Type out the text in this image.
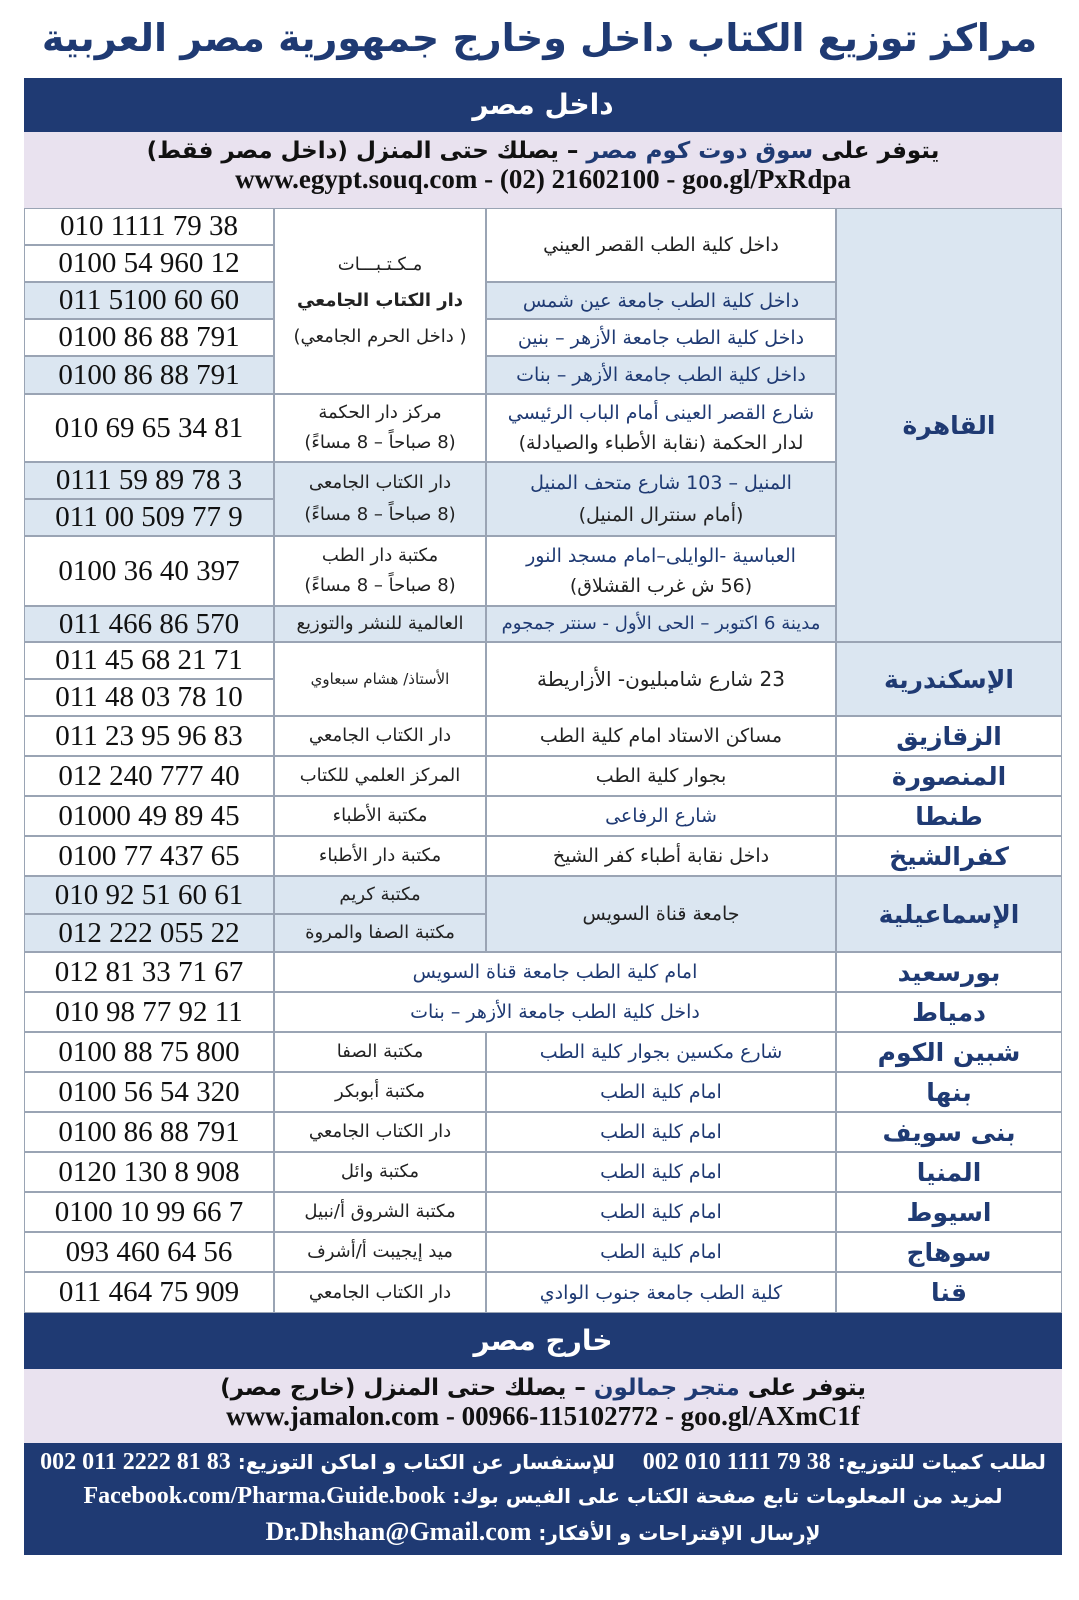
مراكز توزيع الكتاب داخل وخارج جمهورية مصر العربية
داخل مصر
يتوفر على سوق دوت كوم مصر – يصلك حتى المنزل (داخل مصر فقط)
www.egypt.souq.com - (02) 21602100 - goo.gl/PxRdpa
القاهرة
مـكـتـبـــات
دار الكتاب الجامعي
( داخل الحرم الجامعي)
داخل كلية الطب القصر العيني
010 1111 79 38
0100 54 960 12
داخل كلية الطب جامعة عين شمس
011 5100 60 60
داخل كلية الطب جامعة الأزهر – بنين
0100 86 88 791
داخل كلية الطب جامعة الأزهر – بنات
0100 86 88 791
شارع القصر العينى أمام الباب الرئيسي
لدار الحكمة (نقابة الأطباء والصيادلة)
مركز دار الحكمة
(8 صباحاً – 8 مساءً)
010 69 65 34 81
المنيل – 103 شارع متحف المنيل
(أمام سنترال المنيل)
دار الكتاب الجامعى
(8 صباحاً – 8 مساءً)
0111 59 89 78 3
011 00 509 77 9
العباسية -الوايلى–امام مسجد النور
(56 ش غرب القشلاق)
مكتبة دار الطب
(8 صباحاً – 8 مساءً)
0100 36 40 397
مدينة 6 اكتوبر – الحى الأول - سنتر جمجوم
العالمية للنشر والتوزيع
011 466 86 570
الإسكندرية
23 شارع شامبليون- الأزاريطة
الأستاذ/ هشام سبعاوي
011 45 68 21 71
011 48 03 78 10
الزقازيق
مساكن الاستاد امام كلية الطب
دار الكتاب الجامعي
011 23 95 96 83
المنصورة
بجوار كلية الطب
المركز العلمي للكتاب
012 240 777 40
طنطا
شارع الرفاعى
مكتبة الأطباء
01000 49 89 45
كفرالشيخ
داخل نقابة أطباء كفر الشيخ
مكتبة دار الأطباء
0100 77 437 65
الإسماعيلية
جامعة قناة السويس
مكتبة كريم
مكتبة الصفا والمروة
010 92 51 60 61
012 222 055 22
بورسعيد
امام كلية الطب جامعة قناة السويس
012 81 33 71 67
دمياط
داخل كلية الطب جامعة الأزهر – بنات
010 98 77 92 11
شبين الكوم
شارع مكسين بجوار كلية الطب
مكتبة الصفا
0100 88 75 800
بنها
امام كلية الطب
مكتبة أبوبكر
0100 56 54 320
بنى سويف
امام كلية الطب
دار الكتاب الجامعي
0100 86 88 791
المنيا
امام كلية الطب
مكتبة وائل
0120 130 8 908
اسيوط
امام كلية الطب
مكتبة الشروق أ/نبيل
0100 10 99 66 7
سوهاج
امام كلية الطب
ميد إيجيبت أ/أشرف
093 460 64 56
قنا
كلية الطب جامعة جنوب الوادي
دار الكتاب الجامعي
011 464 75 909
خارج مصر
يتوفر على متجر جمالون – يصلك حتى المنزل (خارج مصر)
www.jamalon.com - 00966-115102772 - goo.gl/AXmC1f
لطلب كميات للتوزيع: 002 010 1111 79 38    للإستفسار عن الكتاب و اماكن التوزيع: 002 011 2222 81 83
لمزيد من المعلومات تابع صفحة الكتاب على الفيس بوك: Facebook.com/Pharma.Guide.book
لإرسال الإقتراحات و الأفكار: Dr.Dhshan@Gmail.com
